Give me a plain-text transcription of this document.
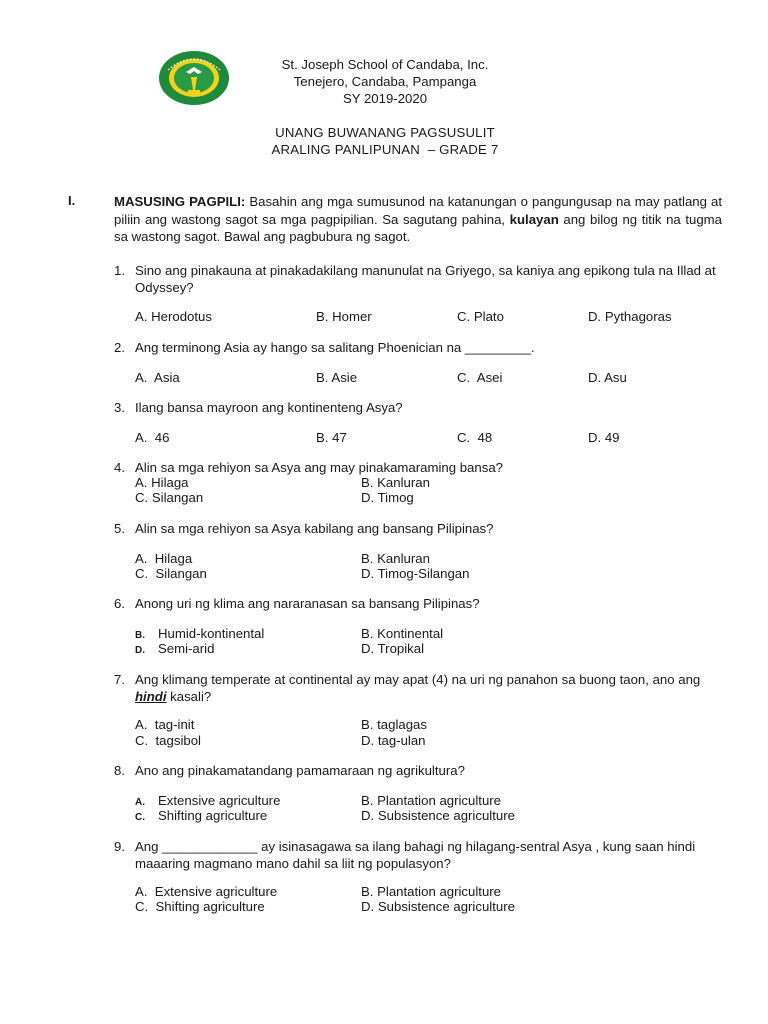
St. Joseph School of Candaba, Inc.
Tenejero, Candaba, Pampanga
SY 2019-2020
UNANG BUWANANG PAGSUSULIT
ARALING PANLIPUNAN  – GRADE 7
I.	MASUSING PAGPILI: Basahin ang mga sumusunod na katanungan o pangungusap na may patlang at piliin ang wastong sagot sa mga pagpipilian. Sa sagutang pahina, kulayan ang bilog ng titik na tugma sa wastong sagot. Bawal ang pagbubura ng sagot.
1. Sino ang pinakauna at pinakadakilang manunulat na Griyego, sa kaniya ang epikong tula na Illad at Odyssey?
A. Herodotus	B. Homer	C. Plato	D. Pythagoras
2. Ang terminong Asia ay hango sa salitang Phoenician na _________.
A.  Asia	B. Asie	C.  Asei	D. Asu
3. Ilang bansa mayroon ang kontinenteng Asya?
A.  46	B. 47	C.  48	D. 49
4. Alin sa mga rehiyon sa Asya ang may pinakamaraming bansa?
A. Hilaga	B. Kanluran
C. Silangan	D. Timog
5. Alin sa mga rehiyon sa Asya kabilang ang bansang Pilipinas?
A.  Hilaga	B. Kanluran
C.  Silangan	D. Timog-Silangan
6. Anong uri ng klima ang nararanasan sa bansang Pilipinas?
B. Humid-kontinental	B. Kontinental
D. Semi-arid	D. Tropikal
7. Ang klimang temperate at continental ay may apat (4) na uri ng panahon sa buong taon, ano ang hindi kasali?
A.  tag-init	B. taglagas
C.  tagsibol	D. tag-ulan
8. Ano ang pinakamatandang pamamaraan ng agrikultura?
A. Extensive agriculture	B. Plantation agriculture
C. Shifting agriculture	D. Subsistence agriculture
9. Ang _____________ ay isinasagawa sa ilang bahagi ng hilagang-sentral Asya , kung saan hindi maaaring magmano mano dahil sa liit ng populasyon?
A.  Extensive agriculture	B. Plantation agriculture
C.  Shifting agriculture	D. Subsistence agriculture
